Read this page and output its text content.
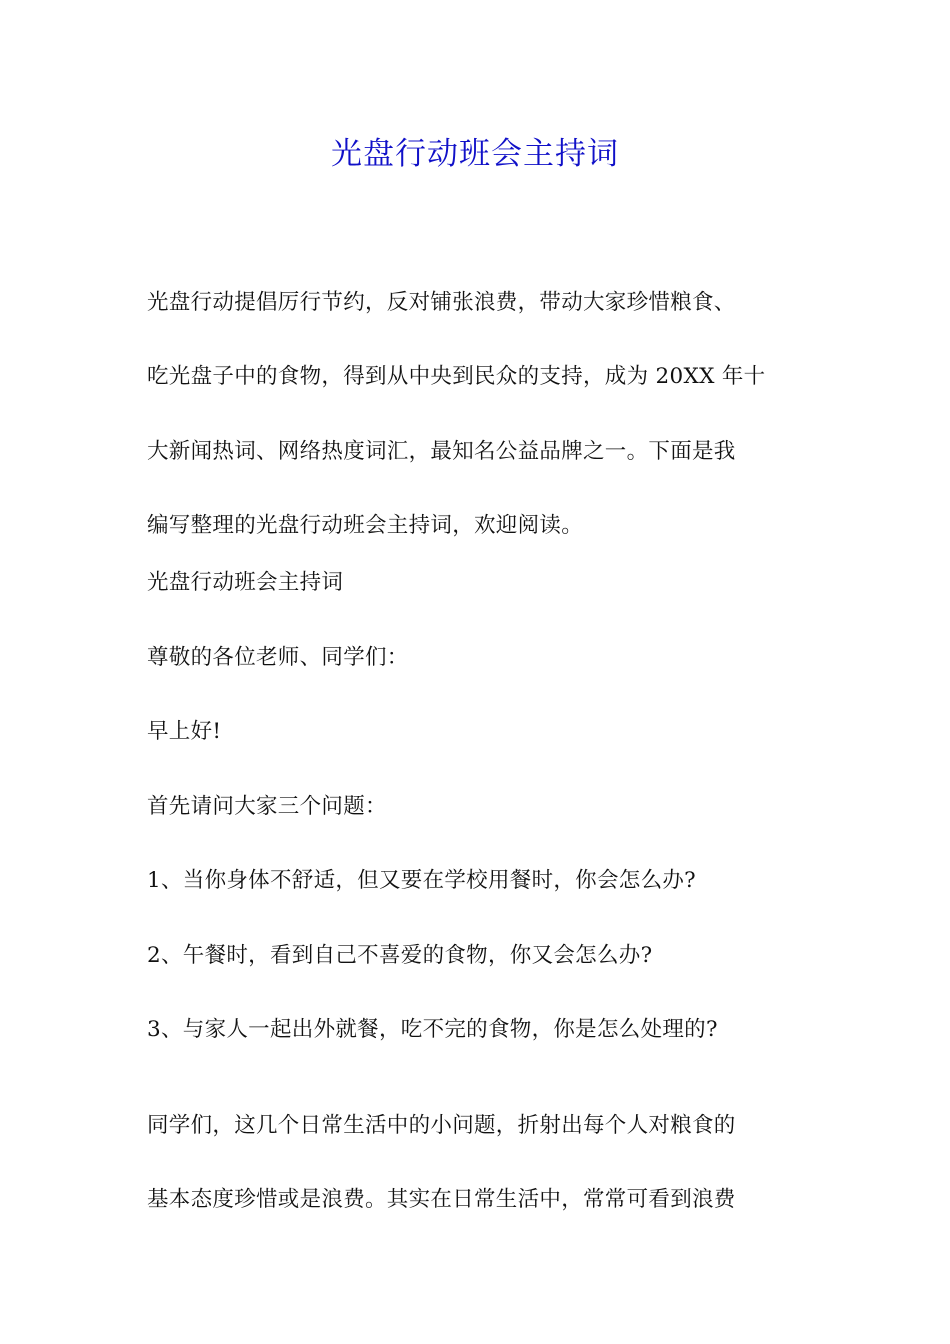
光盘行动班会主持词
光盘行动提倡厉行节约，反对铺张浪费，带动大家珍惜粮食、
吃光盘子中的食物，得到从中央到民众的支持，成为 20XX 年十
大新闻热词、网络热度词汇，最知名公益品牌之一。下面是我
编写整理的光盘行动班会主持词，欢迎阅读。

光盘行动班会主持词

尊敬的各位老师、同学们：

早上好!

首先请问大家三个问题：

1、当你身体不舒适，但又要在学校用餐时，你会怎么办?

2、午餐时，看到自己不喜爱的食物，你又会怎么办?

3、与家人一起出外就餐，吃不完的食物，你是怎么处理的?

同学们，这几个日常生活中的小问题，折射出每个人对粮食的
基本态度珍惜或是浪费。其实在日常生活中，常常可看到浪费
